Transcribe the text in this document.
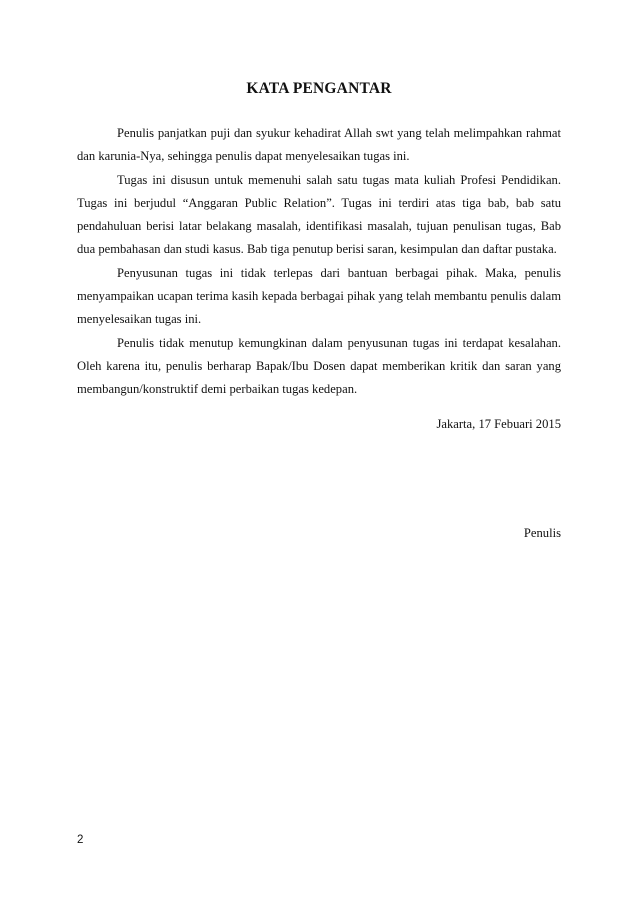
KATA PENGANTAR

Penulis panjatkan puji dan syukur kehadirat Allah swt yang telah melimpahkan rahmat dan karunia-Nya, sehingga penulis dapat menyelesaikan tugas ini.

Tugas ini disusun untuk memenuhi salah satu tugas mata kuliah Profesi Pendidikan. Tugas ini berjudul “Anggaran Public Relation”. Tugas ini terdiri atas tiga bab, bab satu pendahuluan berisi latar belakang masalah, identifikasi masalah, tujuan penulisan tugas, Bab dua pembahasan dan studi kasus. Bab tiga penutup berisi saran, kesimpulan dan daftar pustaka.

Penyusunan tugas ini tidak terlepas dari bantuan berbagai pihak. Maka, penulis menyampaikan ucapan terima kasih kepada berbagai pihak yang telah membantu penulis dalam menyelesaikan tugas ini.

Penulis tidak menutup kemungkinan dalam penyusunan tugas ini terdapat kesalahan. Oleh karena itu, penulis berharap Bapak/Ibu Dosen dapat memberikan kritik dan saran yang membangun/konstruktif demi perbaikan tugas kedepan.

Jakarta, 17 Febuari 2015
Penulis
2
